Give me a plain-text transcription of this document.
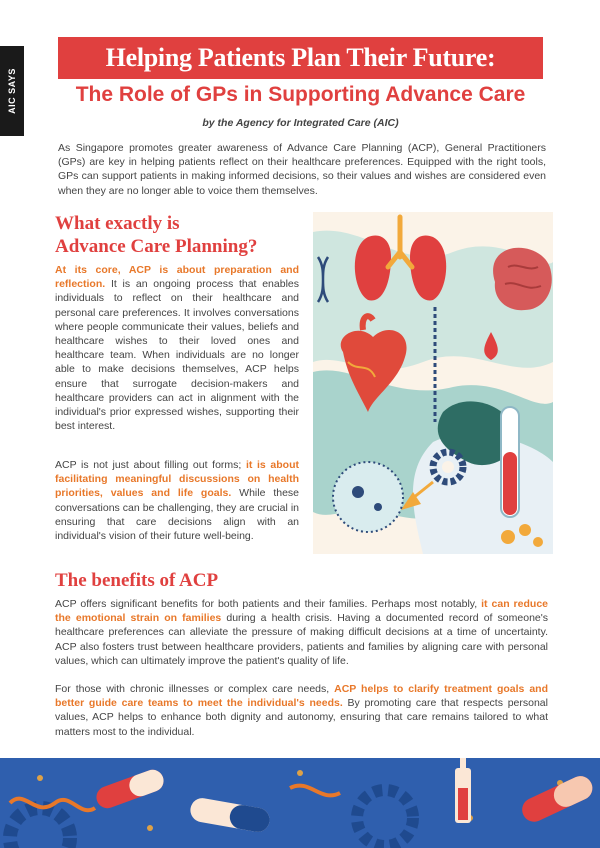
AIC SAYS
Helping Patients Plan Their Future:
The Role of GPs in Supporting Advance Care
by the Agency for Integrated Care (AIC)
As Singapore promotes greater awareness of Advance Care Planning (ACP), General Practitioners (GPs) are key in helping patients reflect on their healthcare preferences. Equipped with the right tools, GPs can support patients in making informed decisions, so their values and wishes are considered even when they are no longer able to voice them themselves.
What exactly is
Advance Care Planning?
At its core, ACP is about preparation and reflection. It is an ongoing process that enables individuals to reflect on their healthcare and personal care preferences. It involves conversations where people communicate their values, beliefs and healthcare wishes to their loved ones and healthcare team. When individuals are no longer able to make decisions themselves, ACP helps ensure that surrogate decision-makers and healthcare providers can act in alignment with the individual's prior expressed wishes, supporting their best interest.
ACP is not just about filling out forms; it is about facilitating meaningful discussions on health priorities, values and life goals. While these conversations can be challenging, they are crucial in ensuring that care decisions align with an individual's vision of their future well-being.
The benefits of ACP
ACP offers significant benefits for both patients and their families. Perhaps most notably, it can reduce the emotional strain on families during a health crisis. Having a documented record of someone's healthcare preferences can alleviate the pressure of making difficult decisions at a time of uncertainty. ACP also fosters trust between healthcare providers, patients and families by aligning care with personal values, which can ultimately improve the patient's quality of life.
For those with chronic illnesses or complex care needs, ACP helps to clarify treatment goals and better guide care teams to meet the individual's needs. By promoting care that respects personal values, ACP helps to enhance both dignity and autonomy, ensuring that care remains tailored to what matters most to the individual.
